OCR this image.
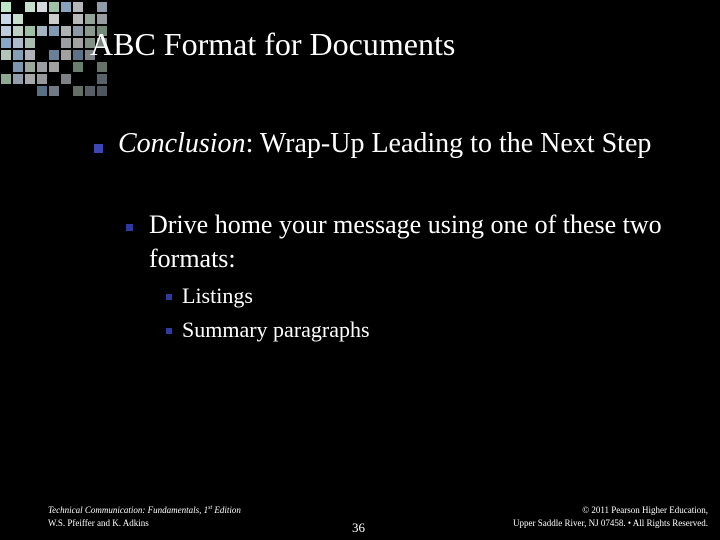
ABC Format for Documents
Conclusion: Wrap-Up Leading to the Next Step
Drive home your message using one of these two formats:
Listings
Summary paragraphs
Technical Communication: Fundamentals, 1st Edition
W.S. Pfeiffer and K. Adkins	36
© 2011 Pearson Higher Education,
Upper Saddle River, NJ 07458. • All Rights Reserved.
